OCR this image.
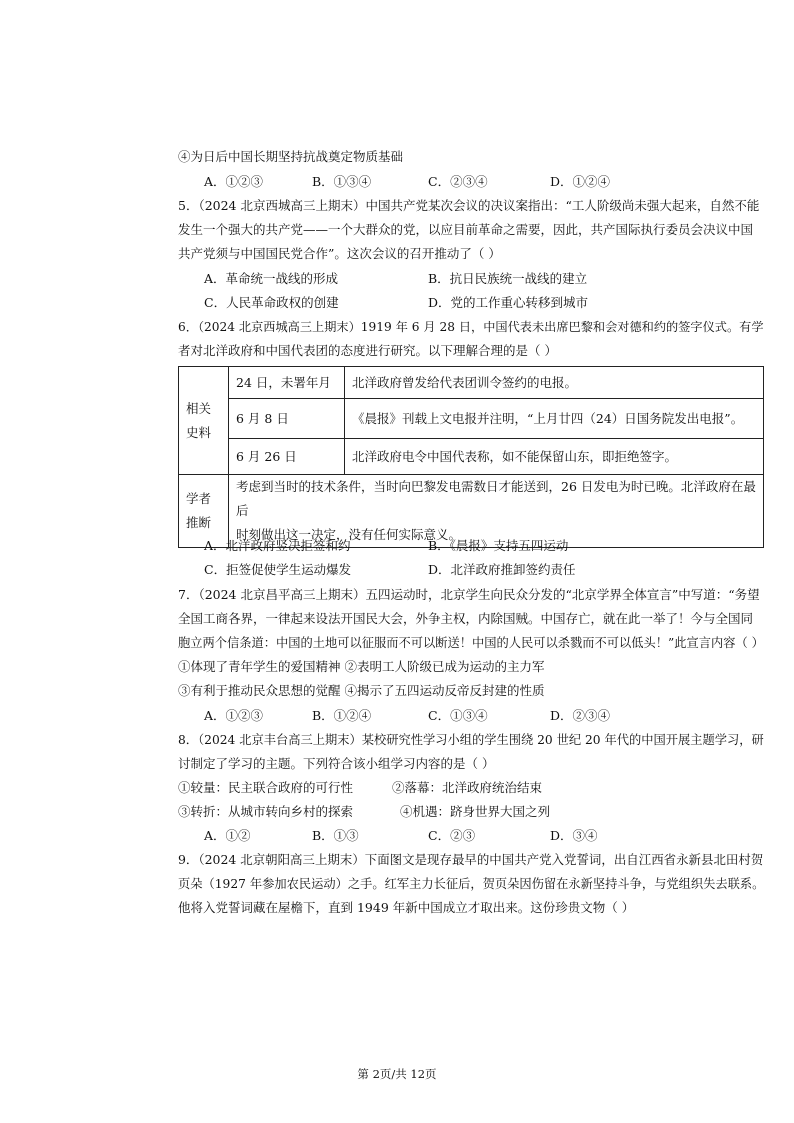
④为日后中国长期坚持抗战奠定物质基础
A．①②③	B．①③④	C．②③④	D．①②④
5．（2024 北京西城高三上期末）中国共产党某次会议的决议案指出：“工人阶级尚未强大起来，自然不能
发生一个强大的共产党——一个大群众的党，以应目前革命之需要，因此，共产国际执行委员会决议中国
共产党须与中国国民党合作”。这次会议的召开推动了（ ）
A．革命统一战线的形成	B．抗日民族统一战线的建立
C．人民革命政权的创建	D．党的工作重心转移到城市
6．（2024 北京西城高三上期末）1919 年 6 月 28 日，中国代表未出席巴黎和会对德和约的签字仪式。有学
者对北洋政府和中国代表团的态度进行研究。以下理解合理的是（ ）
相关史料	24 日，未署年月	北洋政府曾发给代表团训令签约的电报。
	6 月 8 日	《晨报》刊载上文电报并注明，“上月廿四（24）日国务院发出电报”。
	6 月 26 日	北洋政府电令中国代表称，如不能保留山东，即拒绝签字。
学者推断	考虑到当时的技术条件，当时向巴黎发电需数日才能送到，26 日发电为时已晚。北洋政府在最后
时刻做出这一决定，没有任何实际意义。	
A．北洋政府竖决拒签和约	B．《晨报》支持五四运动
C．拒签促使学生运动爆发	D．北洋政府推卸签约责任
7．（2024 北京昌平高三上期末）五四运动时，北京学生向民众分发的“北京学界全体宣言”中写道：“务望
全国工商各界，一律起来设法开国民大会，外争主权，内除国贼。中国存亡，就在此一举了！今与全国同
胞立两个信条道：中国的土地可以征服而不可以断送！中国的人民可以杀戮而不可以低头！”此宣言内容（ ）
①体现了青年学生的爱国精神 ②表明工人阶级已成为运动的主力军
③有利于推动民众思想的觉醒 ④揭示了五四运动反帝反封建的性质
A．①②③	B．①②④	C．①③④	D．②③④
8．（2024 北京丰台高三上期末）某校研究性学习小组的学生围绕 20 世纪 20 年代的中国开展主题学习，研
讨制定了学习的主题。下列符合该小组学习内容的是（ ）
①较量：民主联合政府的可行性	②落幕：北洋政府统治结束
③转折：从城市转向乡村的探索	④机遇：跻身世界大国之列
A．①②	B．①③	C．②③	D．③④
9．（2024 北京朝阳高三上期末）下面图文是现存最早的中国共产党入党誓词，出自江西省永新县北田村贺
页朵（1927 年参加农民运动）之手。红军主力长征后，贺页朵因伤留在永新坚持斗争，与党组织失去联系。
他将入党誓词藏在屋檐下，直到 1949 年新中国成立才取出来。这份珍贵文物（ ）
第 2页/共 12页
